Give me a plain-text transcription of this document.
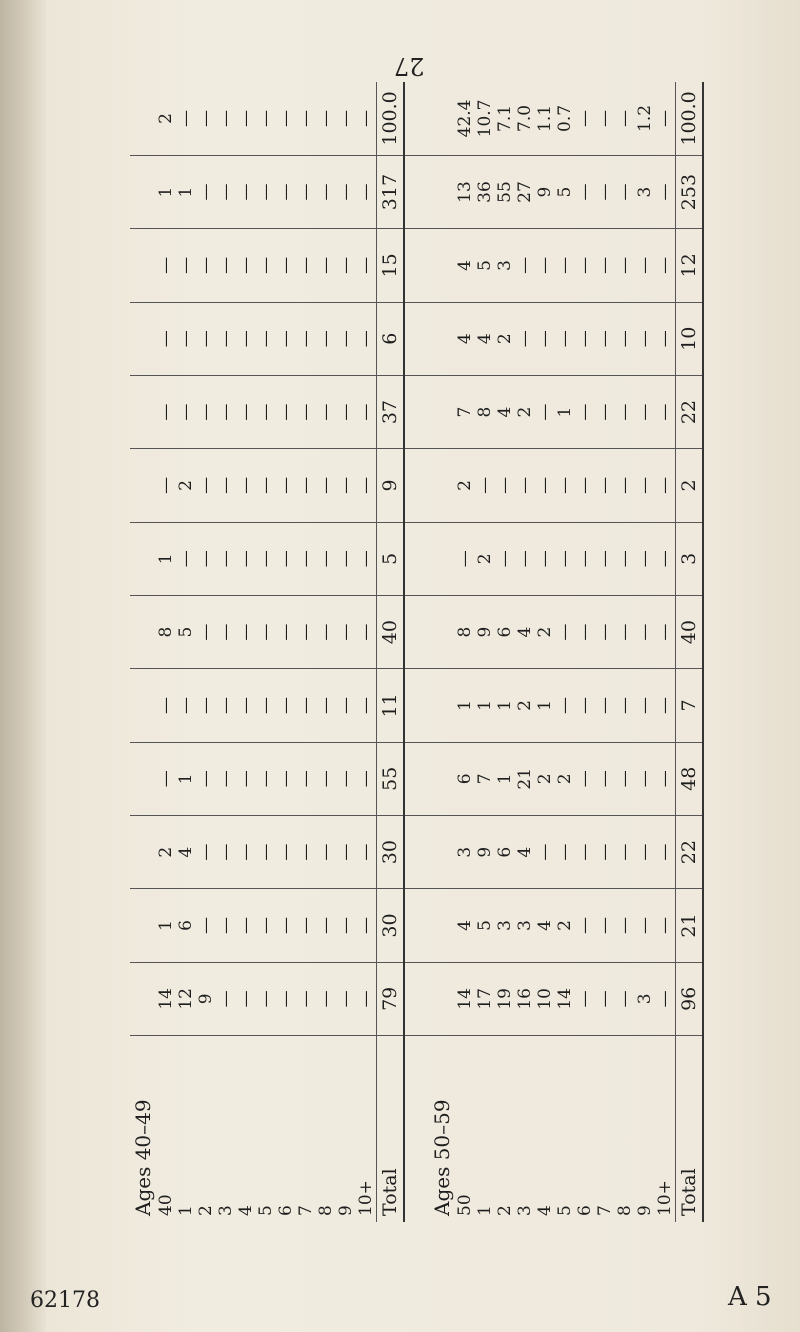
27
Ages 40–49													
40	14	1	2	—	—	8	1	—	—	—	—	1	2
1	12	6	4	1	—	5	—	2	—	—	—	1	—
2	9	—	—	—	—	—	—	—	—	—	—	—	—
3	—	—	—	—	—	—	—	—	—	—	—	—	—
4	—	—	—	—	—	—	—	—	—	—	—	—	—
5	—	—	—	—	—	—	—	—	—	—	—	—	—
6	—	—	—	—	—	—	—	—	—	—	—	—	—
7	—	—	—	—	—	—	—	—	—	—	—	—	—
8	—	—	—	—	—	—	—	—	—	—	—	—	—
9	—	—	—	—	—	—	—	—	—	—	—	—	—
10+	—	—	—	—	—	—	—	—	—	—	—	—	—
Total	79	30	30	55	11	40	5	9	37	6	15	317	100.0

Ages 50–59													
50	14	4	3	6	1	8	—	2	7	4	4	13	42.4
1	17	5	9	7	1	9	2	—	8	4	5	36	10.7
2	19	3	6	1	1	6	—	—	4	2	3	55	7.1
3	16	3	4	21	2	4	—	—	2	—	—	27	7.0
4	10	4	—	2	1	2	—	—	—	—	—	9	1.1
5	14	2	—	2	—	—	—	—	1	—	—	5	0.7
6	—	—	—	—	—	—	—	—	—	—	—	—	—
7	—	—	—	—	—	—	—	—	—	—	—	—	—
8	—	—	—	—	—	—	—	—	—	—	—	—	—
9	3	—	—	—	—	—	—	—	—	—	—	3	1.2
10+	—	—	—	—	—	—	—	—	—	—	—	—	—
Total	96	21	22	48	7	40	3	2	22	10	12	253	100.0
62178	A 5
